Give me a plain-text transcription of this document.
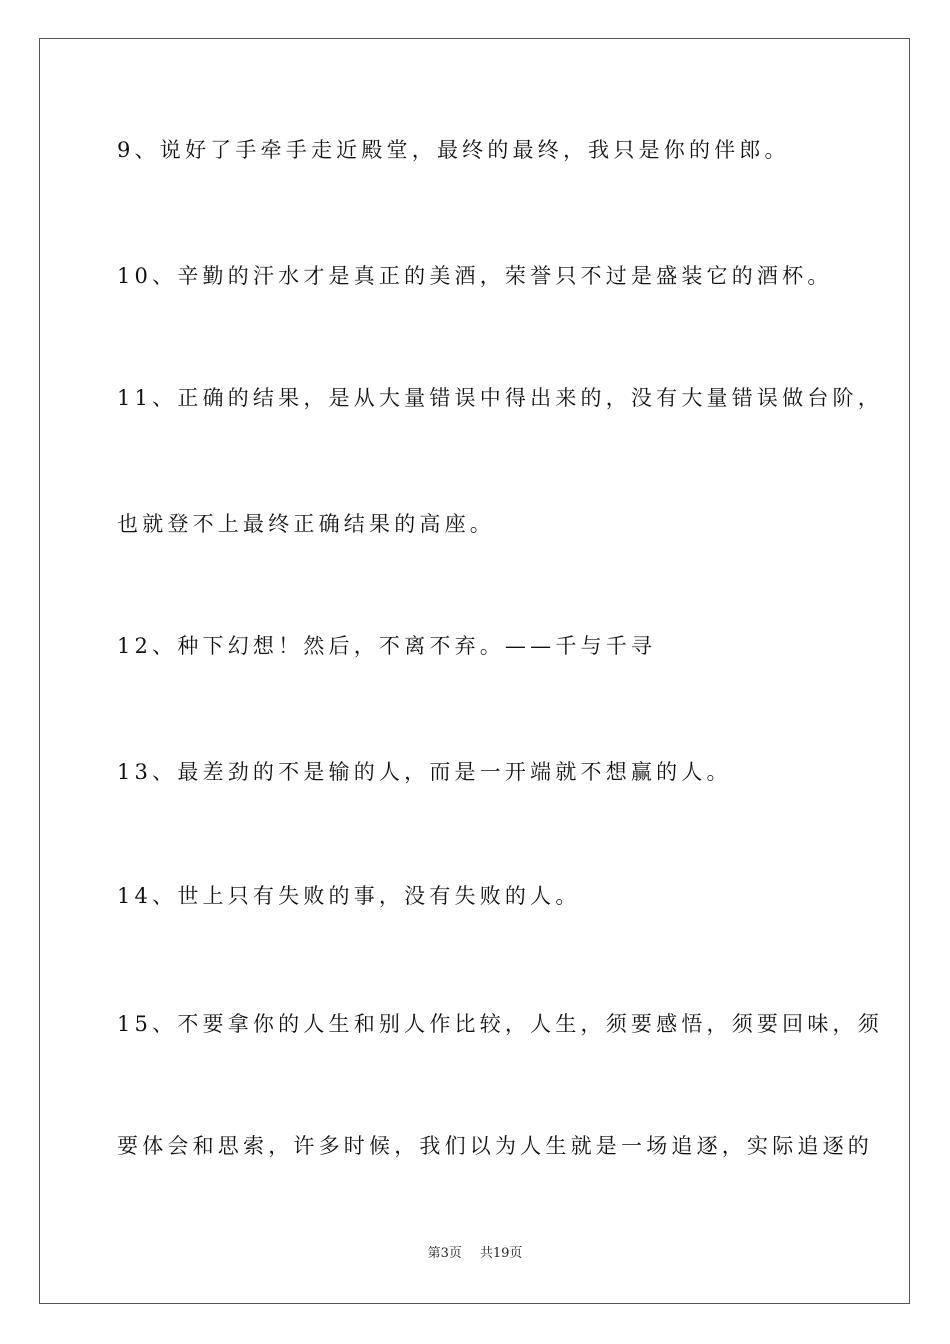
9、说好了手牵手走近殿堂，最终的最终，我只是你的伴郎。
10、辛勤的汗水才是真正的美酒，荣誉只不过是盛装它的酒杯。
11、正确的结果，是从大量错误中得出来的，没有大量错误做台阶，
也就登不上最终正确结果的高座。
12、种下幻想！然后，不离不弃。——千与千寻
13、最差劲的不是输的人，而是一开端就不想赢的人。
14、世上只有失败的事，没有失败的人。
15、不要拿你的人生和别人作比较，人生，须要感悟，须要回味，须
要体会和思索，许多时候，我们以为人生就是一场追逐，实际追逐的
第3页 共19页
